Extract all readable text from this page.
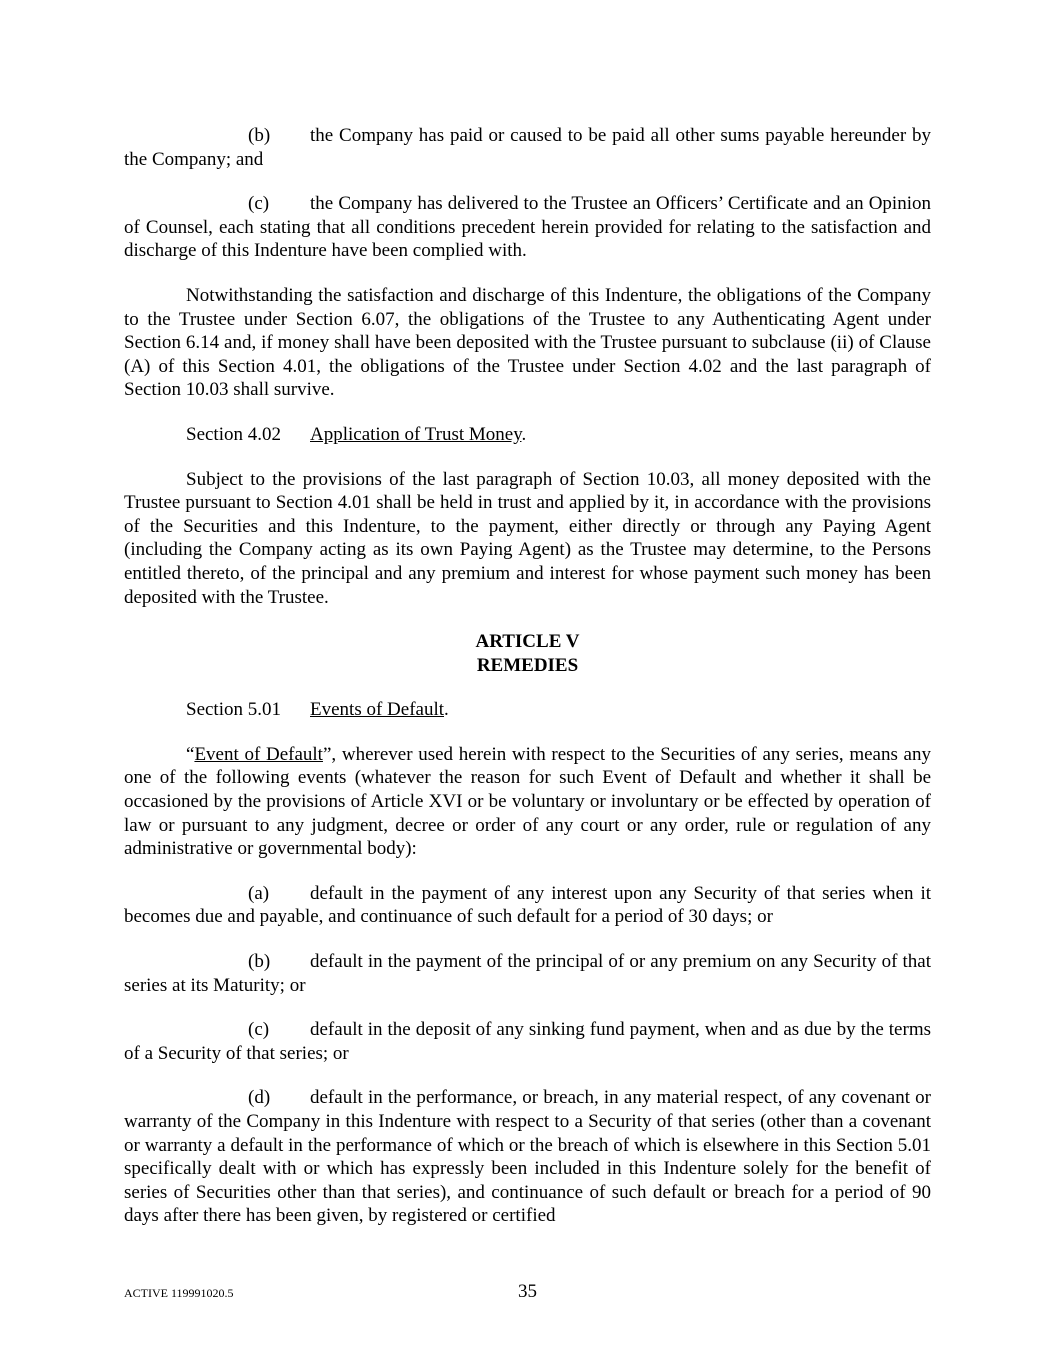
(b) the Company has paid or caused to be paid all other sums payable hereunder by the Company; and

(c) the Company has delivered to the Trustee an Officers’ Certificate and an Opinion of Counsel, each stating that all conditions precedent herein provided for relating to the satisfaction and discharge of this Indenture have been complied with.

Notwithstanding the satisfaction and discharge of this Indenture, the obligations of the Company to the Trustee under Section 6.07, the obligations of the Trustee to any Authenticating Agent under Section 6.14 and, if money shall have been deposited with the Trustee pursuant to subclause (ii) of Clause (A) of this Section 4.01, the obligations of the Trustee under Section 4.02 and the last paragraph of Section 10.03 shall survive.

Section 4.02 Application of Trust Money.

Subject to the provisions of the last paragraph of Section 10.03, all money deposited with the Trustee pursuant to Section 4.01 shall be held in trust and applied by it, in accordance with the provisions of the Securities and this Indenture, to the payment, either directly or through any Paying Agent (including the Company acting as its own Paying Agent) as the Trustee may determine, to the Persons entitled thereto, of the principal and any premium and interest for whose payment such money has been deposited with the Trustee.

ARTICLE V
REMEDIES

Section 5.01 Events of Default.

“Event of Default”, wherever used herein with respect to the Securities of any series, means any one of the following events (whatever the reason for such Event of Default and whether it shall be occasioned by the provisions of Article XVI or be voluntary or involuntary or be effected by operation of law or pursuant to any judgment, decree or order of any court or any order, rule or regulation of any administrative or governmental body):

(a) default in the payment of any interest upon any Security of that series when it becomes due and payable, and continuance of such default for a period of 30 days; or

(b) default in the payment of the principal of or any premium on any Security of that series at its Maturity; or

(c) default in the deposit of any sinking fund payment, when and as due by the terms of a Security of that series; or

(d) default in the performance, or breach, in any material respect, of any covenant or warranty of the Company in this Indenture with respect to a Security of that series (other than a covenant or warranty a default in the performance of which or the breach of which is elsewhere in this Section 5.01 specifically dealt with or which has expressly been included in this Indenture solely for the benefit of series of Securities other than that series), and continuance of such default or breach for a period of 90 days after there has been given, by registered or certified

ACTIVE 119991020.5	35
